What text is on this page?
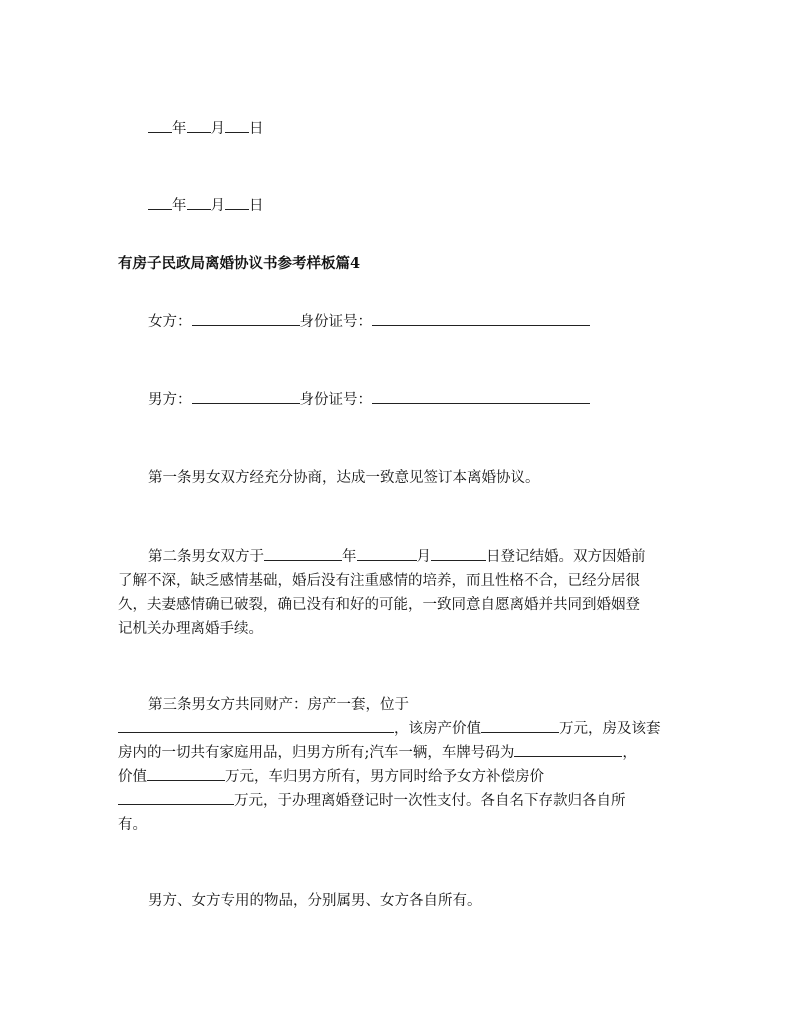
年 月 日
年 月 日
有房子民政局离婚协议书参考样板篇4
女方：	身份证号：
男方：	身份证号：
第一条男女双方经充分协商，达成一致意见签订本离婚协议。
第二条男女双方于	年	月	日登记结婚。双方因婚前
了解不深，缺乏感情基础，婚后没有注重感情的培养，而且性格不合，已经分居很
久，夫妻感情确已破裂，确已没有和好的可能，一致同意自愿离婚并共同到婚姻登
记机关办理离婚手续。
第三条男女方共同财产：房产一套，位于
，该房产价值	万元，房及该套
房内的一切共有家庭用品，归男方所有;汽车一辆，车牌号码为	，
价值	万元，车归男方所有，男方同时给予女方补偿房价
万元，于办理离婚登记时一次性支付。各自名下存款归各自所
有。
男方、女方专用的物品，分别属男、女方各自所有。
